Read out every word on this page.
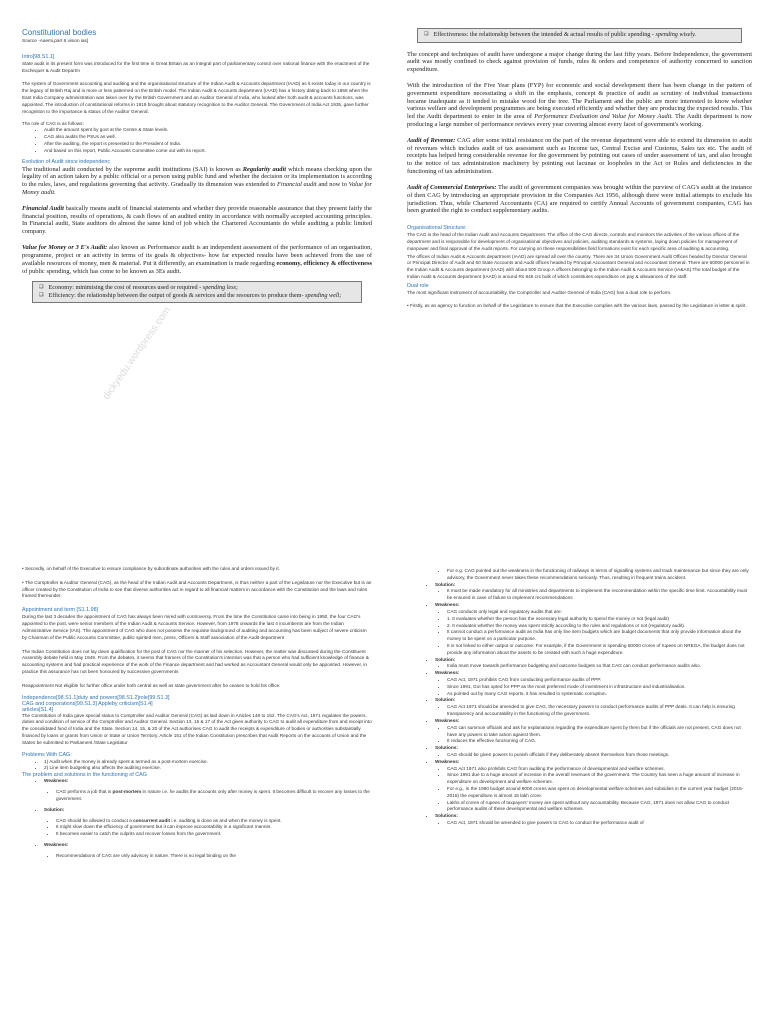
Constitutional bodies
Source -Aaemi,part 6 vision ias]
Intro[98.S1.1]

State audit in its present form was introduced for the first time in Great Britain as an integral part of parliamentary control over national finance with the enactment of the Exchequer & Audit Departm

The system of Government accounting and auditing and the organisational structure of the Indian Audit & Accounts department (IAAD) as it exists today in our country is the legacy of British Raj and is more or less patterned on the British model. The Indian Audit & Accounts department (IAAD) has a history dating back to 1858 when the East India Company administration was taken over by the British Government and an Auditor General of India, who looked after both audit & accounts functions, was appointed. The introduction of constitutional reforms in 1919 brought about statutory recognition to the Auditor General. The Government of India Act 1935, gave further recognition to the importance & status of the Auditor General.

The role of CAG is as follows:
• Audit the amount spent by govt at the Centre & State levels.
• CAG also audits the PSUs as well.
• After the auditing, the report is presented to the President of India.
• And based on this report, Public Accounts Committee come out with its report.
Evolution of Audit since independenc

The traditional audit conducted by the supreme audit institutions (SAI) is known as Regularity audit which means checking upon the legality of an action taken by a public official or a person using public fund and whether the decision or its implementation is according to the rules, laws, and regulations governing that activity. Gradually its dimension was extended to Financial audit and now to Value for Money audit.

Financial Audit basically means audit of financial statements and whether they provide reasonable assurance that they present fairly the financial position, results of operations, & cash flows of an audited entity in accordance with normally accepted accounting principles. In Financial audit, State auditors do almost the same kind of job which the Chartered Accountants do while auditing a public limited company.

Value for Money or 3 E's Audit: also known as Performance audit is an independent assessment of the performance of an organisation, programme, project or an activity in terms of its goals & objectives- how far expected results have been achieved from the use of available resources of money, men & material. Put it differently, an examination is made regarding economy, efficiency & effectiveness of public spending, which has come to be known as 3Es audit.

❑ Economy: minimising the cost of resources used or required - spending less;
❑ Efficiency: the relationship between the output of goods & services and the resources to produce them- spending well;
dickyedu.wordpress.com
❏ Effectiveness: the relationship between the intended & actual results of public spending - spending wisely.

The concept and techniques of audit have undergone a major change during the last fifty years. Before Independence, the government audit was mostly confined to check against provision of funds, rules & orders and competence of authority concerned to sanction expenditure.

With the introduction of the Five Year plans (FYP) for economic and social development there has been change in the pattern of government expenditure necessitating a shift in the emphasis, concept & practice of audit as scrutiny of individual transactions became inadequate as it tended to mistake wood for the tree. The Parliament and the public are more interested to know whether various welfare and development programmes are being executed efficiently and whether they are producing the expected results. This led the Audit department to enter in the area of Performance Evaluation and Value for Money Audit. The Audit department is now producing a large number of performance reviews every year covering almost every facet of government's working.

Audit of Revenue: CAG after some initial resistance on the part of the revenue department were able to extend its dimension to audit of revenues which includes audit of tax assessment such as Income tax, Central Excise and Customs, Sales tax etc. The audit of receipts has helped bring considerable revenue for the government by pointing out cases of under assessment of tax, and also brought to the notice of tax administration machinery by pointing out lacunae or loopholes in the Act or Rules and deficiencies in the functioning of tax administration.

Audit of Commercial Enterprises: The audit of government companies was brought within the purview of CAG's audit at the instance of then CAG by introducing an appropriate provision in the Companies Act 1956, although there were initial attempts to exclude his jurisdiction. Thus, while Chartered Accountants (CA) are required to certify Annual Accounts of government companies, CAG has been granted the right to conduct supplementary audits.

Organisational Structure:

The CAG is the head of the Indian Audit and Accounts Department. The office of the CAG directs, controls and monitors the activities of the various offices of the department and is responsible for development of organisational objectives and policies, auditing standards & systems, laying down policies for management of manpower and final approval of the Audit reports. For carrying on these responsibilities field formations exist for each specific area of auditing & accounting.

The offices of Indian Audit & Accounts department (IAAD) are spread all over the country. There are 34 Union Government Audit Offices headed by Director General or Principal Director of Audit and 60 State Accounts and Audit offices headed by Principal Accountant General and Accountant General. There are 60000 personnel in the Indian Audit & Accounts department (IAAD) with about 500 Group A officers belonging to the Indian Audit & Accounts Service (IA&AS).The total budget of the Indian Audit & Accounts department (IAAD) is around Rs 846 crs bulk of which constitutes expenditure on pay & allowances of the staff.

Dual role

The most significant instrument of accountability, the Comptroller and Auditor General of India (CAG) has a dual role to perform.

• Firstly, as an agency to function on behalf of the Legislature to ensure that the Executive complies with the various laws, passed by the Legislature in letter & spirit.

• Secondly, on behalf of the Executive to ensure compliance by subordinate authorities with the rules and orders issued by it.

• The Comptroller & Auditor General (CAG), as the head of the Indian Audit and Accounts Department, is thus neither a part of the Legislature nor the Executive but is an officer created by the Constitution of India to see that diverse authorities act in regard to all financial matters in accordance with the Constitution and the laws and rules framed thereunder.

Appointment and term [S1.1,98]

During the last 3 decades the appointment of CAG has always been mired with controversy. From the time the Constitution came into being in 1950, the four CAG's appointed to the post, were senior members of the Indian Audit & Accounts Service. However, from 1978 onwards the last 4 incumbents are from the Indian Administrative Service (IAS). The appointment of CAG who does not possess the requisite background of auditing and accounting has been subject of severe criticism by Chairman of the Public Accounts Committee, public spirited men, press, Officers & Staff association of the Audit department

The Indian Constitution does not lay down qualification for the post of CAG nor the manner of his selection. However, the matter was discussed during the Constituent Assembly debate held in May 1949. From the debates, it seems that framers of the Constitution's intention was that a person who had sufficient knowledge of finance & accounting systems and had practical experience of the work of the Finance department and had worked as Accountant General would only be appointed. However, in practice this assurance has not been honoured by successive governments

Reappointment Not eligible for further office under both central as well as state government after he ceases to hold his office.

Independence[98.S1.1]duty and powers[98.S1.2]role[99.S1.3]
CAG and corporations[99.S1.3] Appleby criticism[S1.4]
articles[S1.4]

The Constitution of India gave special status to Comptroller and Auditor General (CAG) as laid down in Articles 148 to 152. The CAG's Act, 1971 regulates the powers, duties and condition of service of the Comptroller and Auditor General. Section 13, 16 & 17 of the Act gives authority to CAG to audit all expenditure from and receipt into the consolidated fund of India and the State. Section 14, 15, & 20 of the Act authorises CAG to audit the receipts & expenditure of bodies or authorities substantially financed by loans or grants from Union or State or Union Territory. Article 151 of the Indian Constitution prescribes that Audit Reports on the accounts of Union and the States be submitted to Parliament /State Legislatur

Problems With CAG:
• 1) Audit when the money is already spent & termed as a post-mortem exercise.
• 2) Line item budgeting also affects the auditing exercise.
The problem and solutions in the functioning of CAG
• Weakness:
• CAG performs a job that is post-mortem in nature i.e. he audits the accounts only after money is spent. It becomes difficult to recover any losses to the government.
• Solution:
• CAG should be allowed to conduct a concurrent audit i.e. auditing is done as and when the money is spent.
• It might slow down the efficiency of government but it can improve accountability in a significant manner.
• It becomes easier to catch the culprits and recover losses from the government.
• Weakness:
• Recommendations of CAG are only advisory in nature. There is no legal binding on the
• For e.g. CAG pointed out the weakness in the functioning of railways in terms of signalling systems and track maintenance but since they are only advisory, the Government never takes these recommendations seriously. Thus, resulting in frequent trains accident.
• Solution:
• It must be made mandatory for all ministries and departments to implement the recommendation within the specific time limit. Accountability must be ensured in case of failure to implement recommendations
• Weakness:
• CAG conducts only legal and regulatory audits that are:
• 1. It evaluates whether the person has the necessary legal authority to spend the money or not (legal audit)
• 2. It evaluates whether the money was spent strictly according to the rules and regulations or not (regulatory audit).
• It cannot conduct a performance audit as India has only line item budgets which are budget documents that only provide information about the money to be spent on a particular purpose.
• It is not linked to either output or outcome. For example, if the Government is spending 60000 crores of rupees on NREGA, the budget does not provide any information about the assets to be created with such a huge expenditure.
• Solution:
• India must move towards performance budgeting and outcome budgets so that CAG can conduct performance audits also.
• Weakness:
• CAG Act, 1971 prohibits CAG from conducting performance audits of PPP.
• Since 1991, GoI has opted for PPP as the most preferred mode of investment in infrastructure and industrialisation.
• As pointed out by many CAG reports, it has resulted in systematic corruption.
• Solution:
• CAG Act 1971 should be amended to give CAG, the necessary powers to conduct performance audits of PPP deals. It can help is ensuring transparency and accountability in the functioning of the government.
• Weakness:
• CAG can summon officials and ask for explanations regarding the expenditure spent by them but if the officials are not present, CAG does not have any powers to take action against them.
• It reduces the effective functioning of CAG.
• Solutions:
• CAG should be given powers to punish officials if they deliberately absent themselves from those meetings.
• Weakness:
• CAG Act 1971 also prohibits CAG from auditing the performance of developmental and welfare schemes.
• Since 1991 due to a huge amount of increase in the overall revenues of the government. The Country has seen a huge amount of increase in expenditure on development and welfare schemes.
• For e.g., in the 1990 budget around 9000 crores was spent on developmental welfare schemes and subsidies in the current year budget (2015-2016) the expenditure is almost 15 lakh crore.
• Lakhs of crores of rupees of taxpayers' money are spent without any accountability. Because CAG, 1971 does not allow CAG to conduct performance audits of these developmental and welfare schemes.
• Solutions:
• CAG Act, 1971 should be amended to give powers to CAG to conduct the performance audit of
